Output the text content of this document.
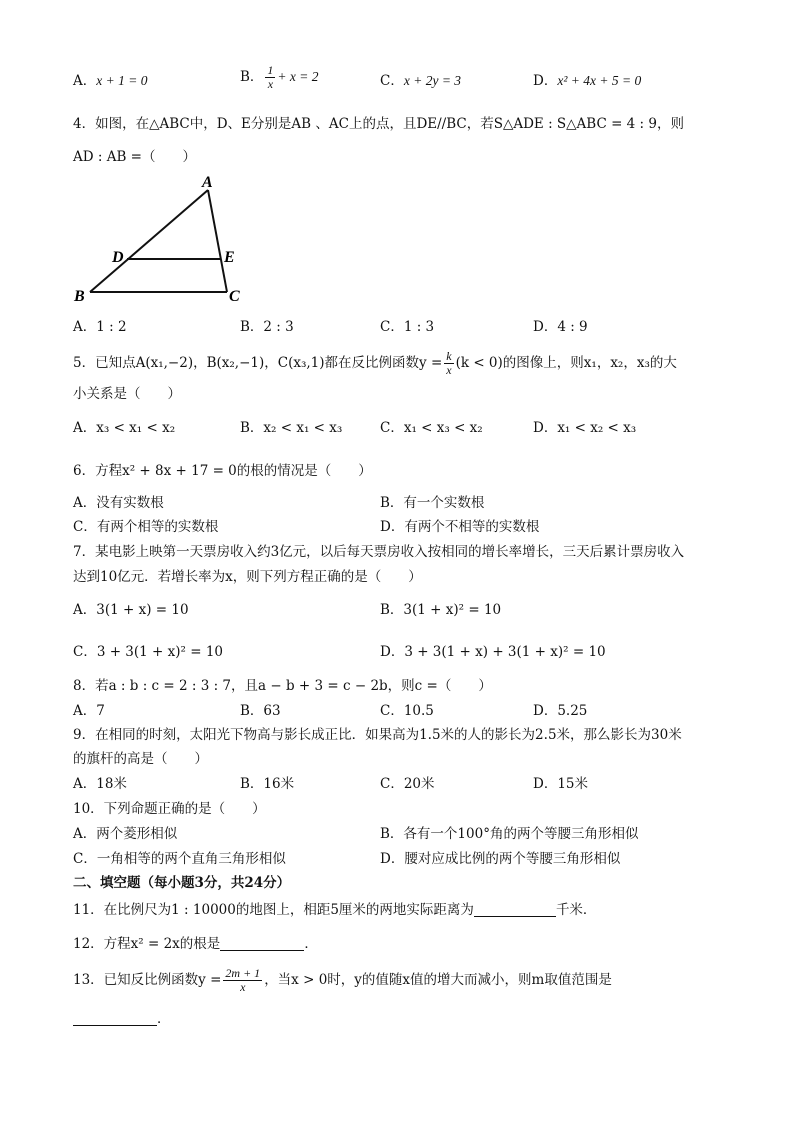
A．x + 1 = 0	B． $\frac{1}{x} + x = 2$	C．x + 2y = 3	D．x² + 4x + 5 = 0
4．如图，在△ABC中，D、E分别是AB 、AC上的点，且DE//BC，若S△ADE : S△ABC = 4 : 9，则
AD : AB =（　　）
A
B	C
D	E
A．1 : 2	B．2 : 3	C．1 : 3	D．4 : 9
5．已知点A(x₁,−2)，B(x₂,−1)，C(x₃,1)都在反比例函数$y = \frac{k}{x} (k < 0)$的图像上，则x₁，x₂，x₃的大
小关系是（　　）
A．x₃ < x₁ < x₂	B．x₂ < x₁ < x₃	C．x₁ < x₃ < x₂	D．x₁ < x₂ < x₃
6．方程x² + 8x + 17 = 0的根的情况是（　　）
A．没有实数根	B．有一个实数根
C．有两个相等的实数根	D．有两个不相等的实数根
7．某电影上映第一天票房收入约3亿元，以后每天票房收入按相同的增长率增长，三天后累计票房收入
达到10亿元．若增长率为x，则下列方程正确的是（　　）
A．3(1 + x) = 10	B．3(1 + x)² = 10
C．3 + 3(1 + x)² = 10	D．3 + 3(1 + x) + 3(1 + x)² = 10
8．若a : b : c = 2 : 3 : 7，且a − b + 3 = c − 2b，则c =（　　）
A．7	B．63	C．10.5	D．5.25
9．在相同的时刻，太阳光下物高与影长成正比．如果高为1.5米的人的影长为2.5米，那么影长为30米
的旗杆的高是（　　）
A．18米	B．16米	C．20米	D．15米
10．下列命题正确的是（　　）
A．两个菱形相似	B．各有一个100°角的两个等腰三角形相似
C．一角相等的两个直角三角形相似	D．腰对应成比例的两个等腰三角形相似
二、填空题（每小题3分，共24分）
11．在比例尺为1 : 10000的地图上，相距5厘米的两地实际距离为	千米．
12．方程x² = 2x的根是	．
13．已知反比例函数$y = \frac{2m + 1}{x}$ ，当x > 0时，y的值随x值的增大而减小，则m取值范围是
．
